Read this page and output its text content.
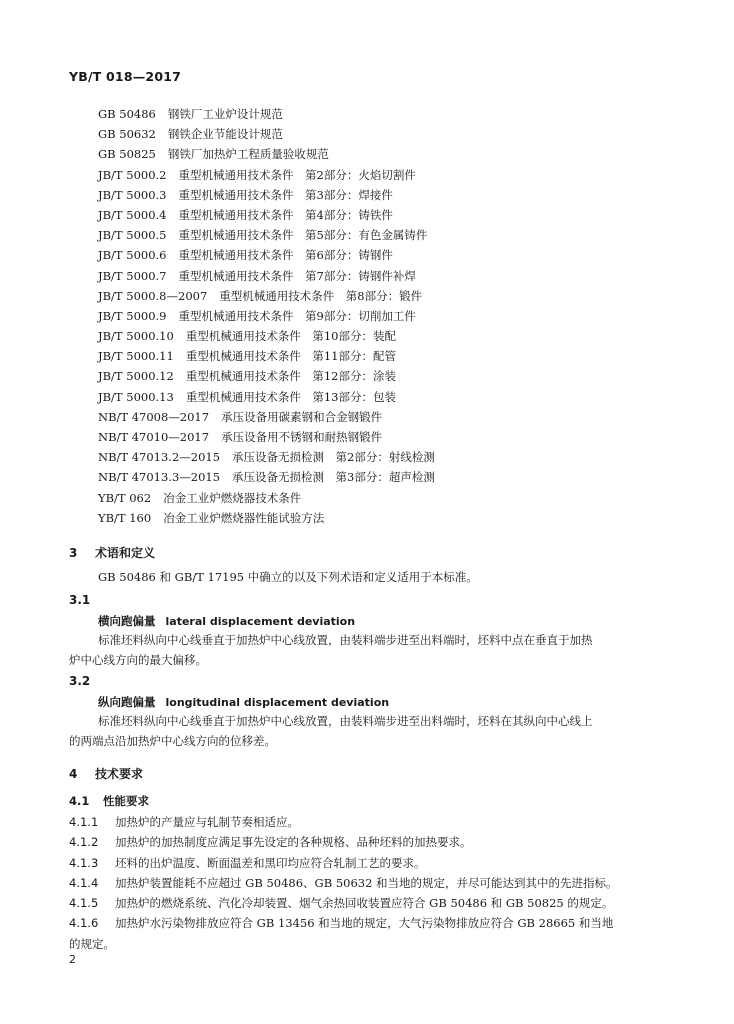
YB/T 018—2017
GB 50486 钢铁厂工业炉设计规范
GB 50632 钢铁企业节能设计规范
GB 50825 钢铁厂加热炉工程质量验收规范
JB/T 5000.2 重型机械通用技术条件　第2部分：火焰切割件
JB/T 5000.3 重型机械通用技术条件　第3部分：焊接件
JB/T 5000.4 重型机械通用技术条件　第4部分：铸铁件
JB/T 5000.5 重型机械通用技术条件　第5部分：有色金属铸件
JB/T 5000.6 重型机械通用技术条件　第6部分：铸钢件
JB/T 5000.7 重型机械通用技术条件　第7部分：铸钢件补焊
JB/T 5000.8—2007 重型机械通用技术条件　第8部分：锻件
JB/T 5000.9 重型机械通用技术条件　第9部分：切削加工件
JB/T 5000.10 重型机械通用技术条件　第10部分：装配
JB/T 5000.11 重型机械通用技术条件　第11部分：配管
JB/T 5000.12 重型机械通用技术条件　第12部分：涂装
JB/T 5000.13 重型机械通用技术条件　第13部分：包装
NB/T 47008—2017 承压设备用碳素钢和合金钢锻件
NB/T 47010—2017 承压设备用不锈钢和耐热钢锻件
NB/T 47013.2—2015 承压设备无损检测　第2部分：射线检测
NB/T 47013.3—2015 承压设备无损检测　第3部分：超声检测
YB/T 062 冶金工业炉燃烧器技术条件
YB/T 160 冶金工业炉燃烧器性能试验方法
3 术语和定义
GB 50486 和 GB/T 17195 中确立的以及下列术语和定义适用于本标准。
3.1
横向跑偏量 lateral displacement deviation
标准坯料纵向中心线垂直于加热炉中心线放置，由装料端步进至出料端时，坯料中点在垂直于加热
炉中心线方向的最大偏移。
3.2
纵向跑偏量 longitudinal displacement deviation
标准坯料纵向中心线垂直于加热炉中心线放置，由装料端步进至出料端时，坯料在其纵向中心线上
的两端点沿加热炉中心线方向的位移差。
4 技术要求
4.1 性能要求
4.1.1 加热炉的产量应与轧制节奏相适应。
4.1.2 加热炉的加热制度应满足事先设定的各种规格、品种坯料的加热要求。
4.1.3 坯料的出炉温度、断面温差和黑印均应符合轧制工艺的要求。
4.1.4 加热炉装置能耗不应超过 GB 50486、GB 50632 和当地的规定，并尽可能达到其中的先进指标。
4.1.5 加热炉的燃烧系统、汽化冷却装置、烟气余热回收装置应符合 GB 50486 和 GB 50825 的规定。
4.1.6 加热炉水污染物排放应符合 GB 13456 和当地的规定，大气污染物排放应符合 GB 28665 和当地
的规定。
2
